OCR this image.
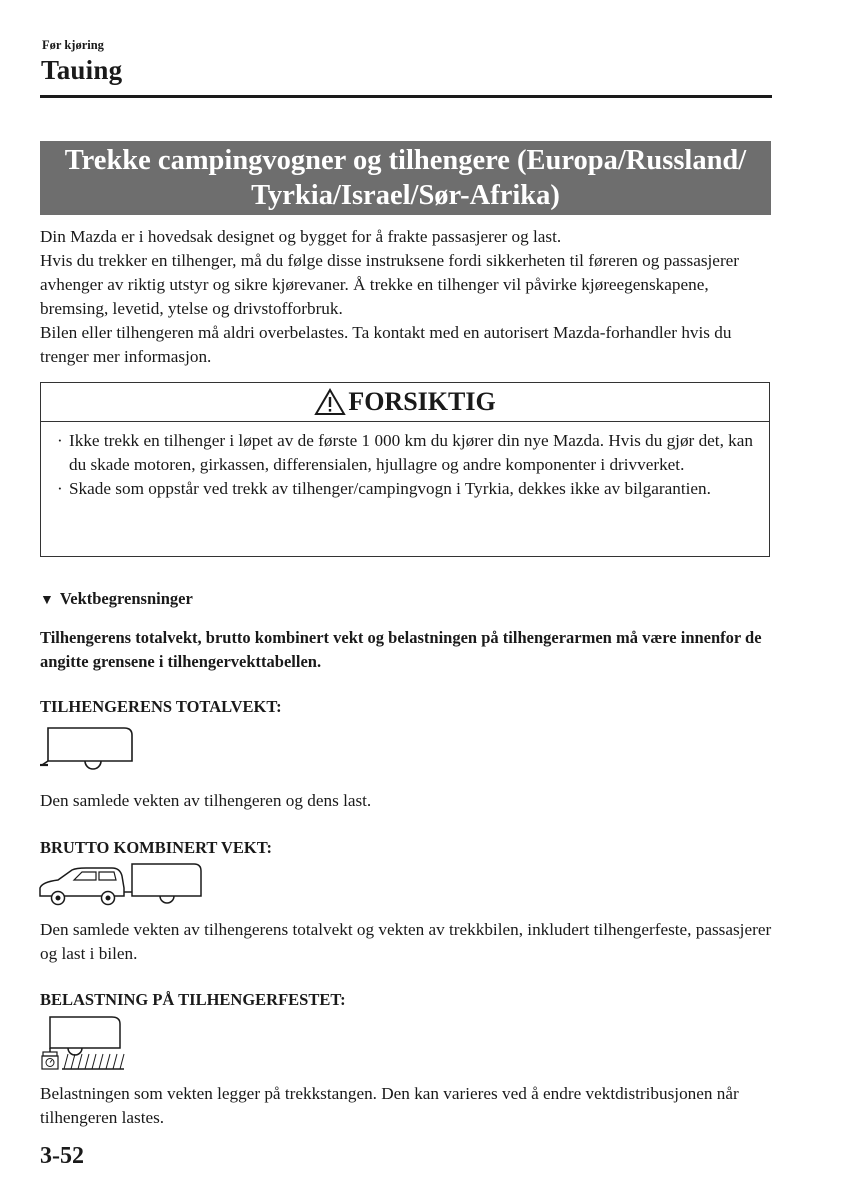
Før kjøring
Tauing
Trekke campingvogner og tilhengere (Europa/Russland/
Tyrkia/Israel/Sør-Afrika)

Din Mazda er i hovedsak designet og bygget for å frakte passasjerer og last.

Hvis du trekker en tilhenger, må du følge disse instruksene fordi sikkerheten til føreren og passasjerer avhenger av riktig utstyr og sikre kjørevaner. Å trekke en tilhenger vil påvirke kjøreegenskapene, bremsing, levetid, ytelse og drivstofforbruk.

Bilen eller tilhengeren må aldri overbelastes. Ta kontakt med en autorisert Mazda-forhandler hvis du trenger mer informasjon.

FORSIKTIG
· Ikke trekk en tilhenger i løpet av de første 1 000 km du kjører din nye Mazda. Hvis du gjør det, kan du skade motoren, girkassen, differensialen, hjullagre og andre komponenter i drivverket.
· Skade som oppstår ved trekk av tilhenger/campingvogn i Tyrkia, dekkes ikke av bilgarantien.
▼ Vektbegrensninger
Tilhengerens totalvekt, brutto kombinert vekt og belastningen på tilhengerarmen må være innenfor de angitte grensene i tilhengervekttabellen.
TILHENGERENS TOTALVEKT:
Den samlede vekten av tilhengeren og dens last.
BRUTTO KOMBINERT VEKT:
Den samlede vekten av tilhengerens totalvekt og vekten av trekkbilen, inkludert tilhengerfeste, passasjerer og last i bilen.
BELASTNING PÅ TILHENGERFESTET:
Belastningen som vekten legger på trekkstangen. Den kan varieres ved å endre vektdistribusjonen når tilhengeren lastes.
3-52
